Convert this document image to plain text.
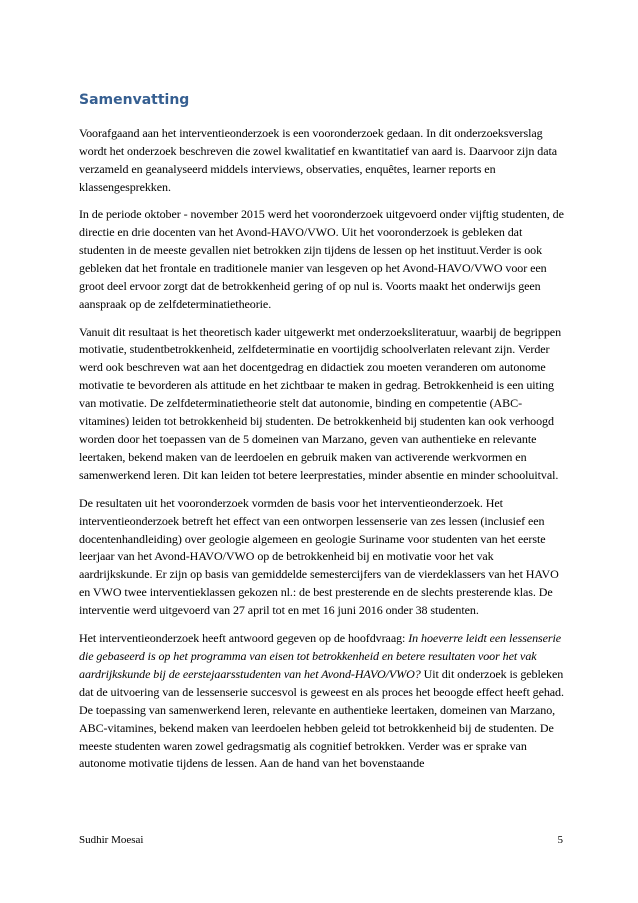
Samenvatting

Voorafgaand aan het interventieonderzoek is een vooronderzoek gedaan. In dit onderzoeksverslag wordt het onderzoek beschreven die zowel kwalitatief en kwantitatief van aard is. Daarvoor zijn data verzameld en geanalyseerd middels interviews, observaties, enquêtes, learner reports en klassengesprekken.

In de periode oktober - november 2015 werd het vooronderzoek uitgevoerd onder vijftig studenten, de directie en drie docenten van het Avond-HAVO/VWO. Uit het vooronderzoek is gebleken dat studenten in de meeste gevallen niet betrokken zijn tijdens de lessen op het instituut.Verder is ook gebleken dat het frontale en traditionele manier van lesgeven op het Avond-HAVO/VWO voor een groot deel ervoor zorgt dat de betrokkenheid gering of op nul is. Voorts maakt het onderwijs geen aanspraak op de zelfdeterminatietheorie.

Vanuit dit resultaat is het theoretisch kader uitgewerkt met onderzoeksliteratuur, waarbij de begrippen motivatie, studentbetrokkenheid, zelfdeterminatie en voortijdig schoolverlaten relevant zijn. Verder werd ook beschreven wat aan het docentgedrag en didactiek zou moeten veranderen om autonome motivatie te bevorderen als attitude en het zichtbaar te maken in gedrag. Betrokkenheid is een uiting van motivatie. De zelfdeterminatietheorie stelt dat autonomie, binding en competentie (ABC-vitamines) leiden tot betrokkenheid bij studenten. De betrokkenheid bij studenten kan ook verhoogd worden door het toepassen van de 5 domeinen van Marzano, geven van authentieke en relevante leertaken, bekend maken van de leerdoelen en gebruik maken van activerende werkvormen en samenwerkend leren. Dit kan leiden tot betere leerprestaties, minder absentie en minder schooluitval.

De resultaten uit het vooronderzoek vormden de basis voor het interventieonderzoek. Het interventieonderzoek betreft het effect van een ontworpen lessenserie van zes lessen (inclusief een docentenhandleiding) over geologie algemeen en geologie Suriname voor studenten van het eerste leerjaar van het Avond-HAVO/VWO op de betrokkenheid bij en motivatie voor het vak aardrijkskunde. Er zijn op basis van gemiddelde semestercijfers van de vierdeklassers van het HAVO en VWO twee interventieklassen gekozen nl.: de best presterende en de slechts presterende klas. De interventie werd uitgevoerd van 27 april tot en met 16 juni 2016 onder 38 studenten.

Het interventieonderzoek heeft antwoord gegeven op de hoofdvraag: In hoeverre leidt een lessenserie die gebaseerd is op het programma van eisen tot betrokkenheid en betere resultaten voor het vak aardrijkskunde bij de eerstejaarsstudenten van het Avond-HAVO/VWO? Uit dit onderzoek is gebleken dat de uitvoering van de lessenserie succesvol is geweest en als proces het beoogde effect heeft gehad. De toepassing van samenwerkend leren, relevante en authentieke leertaken, domeinen van Marzano, ABC-vitamines, bekend maken van leerdoelen hebben geleid tot betrokkenheid bij de studenten. De meeste studenten waren zowel gedragsmatig als cognitief betrokken. Verder was er sprake van autonome motivatie tijdens de lessen. Aan de hand van het bovenstaande

Sudhir Moesai	5
